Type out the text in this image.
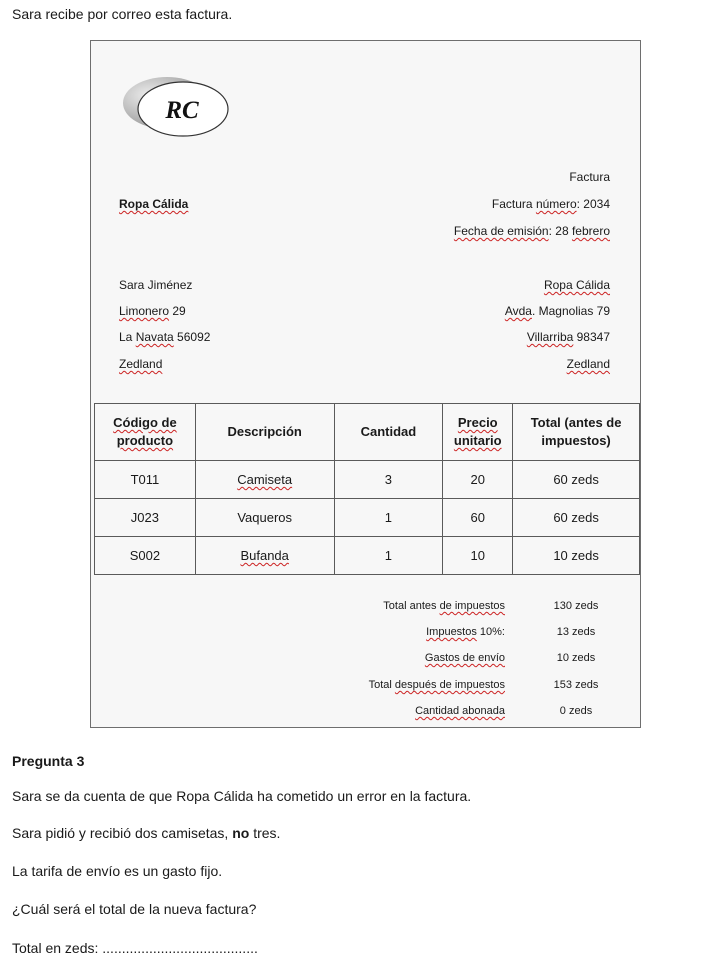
Sara recibe por correo esta factura.
RC
Factura
Ropa Cálida	Factura número: 2034
Fecha de emisión: 28 febrero
Sara Jiménez
Limonero 29
La Navata 56092
Zedland
Ropa Cálida
Avda. Magnolias 79
Villarriba 98347
Zedland
Código de producto	Descripción	Cantidad	Precio unitario	Total (antes de impuestos)
T011	Camiseta	3	20	60 zeds
J023	Vaqueros	1	60	60 zeds
S002	Bufanda	1	10	10 zeds
Total antes de impuestos	130 zeds
Impuestos 10%:	13 zeds
Gastos de envío	10 zeds
Total después de impuestos	153 zeds
Cantidad abonada	0 zeds
Pregunta 3
Sara se da cuenta de que Ropa Cálida ha cometido un error en la factura.
Sara pidió y recibió dos camisetas, no tres.
La tarifa de envío es un gasto fijo.
¿Cuál será el total de la nueva factura?
Total en zeds: ........................................
